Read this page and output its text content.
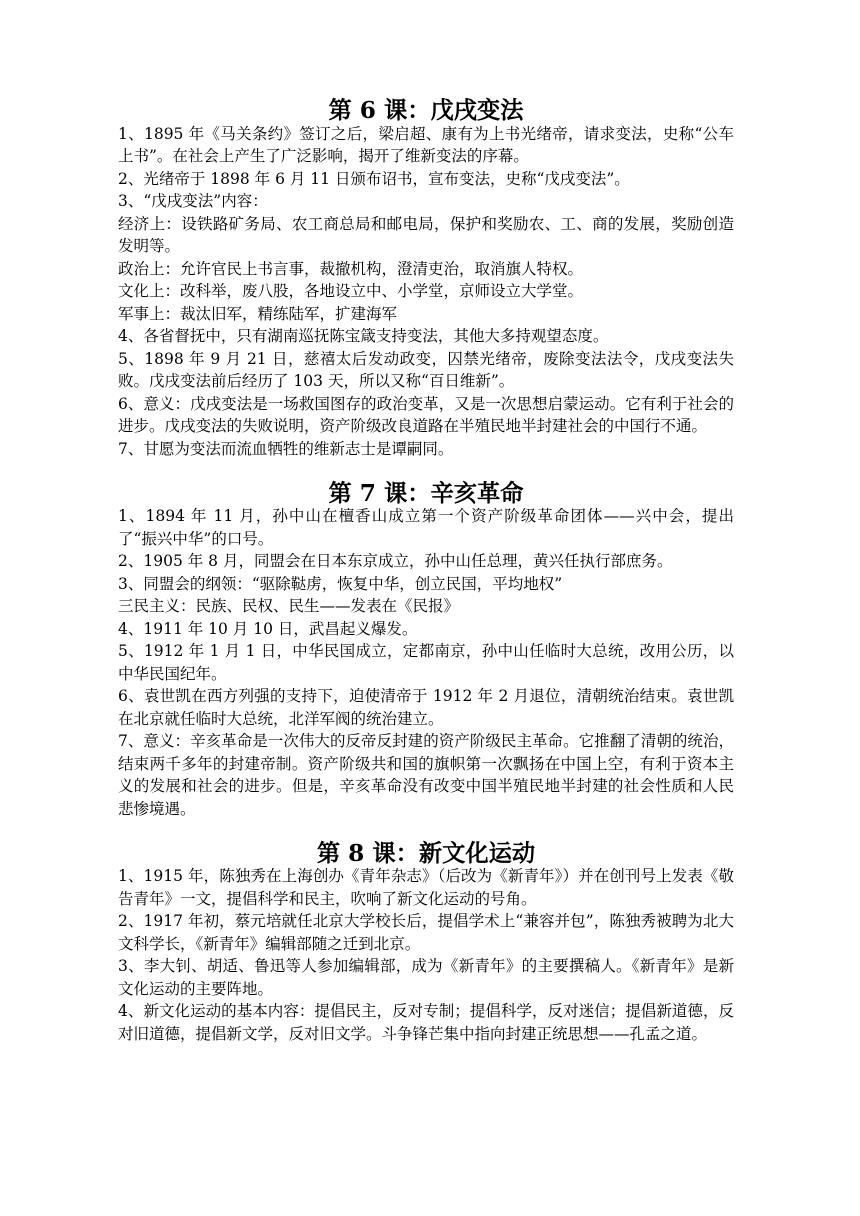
第 6 课：戊戌变法

1、1895 年《马关条约》签订之后，梁启超、康有为上书光绪帝，请求变法，史称“公车上书”。在社会上产生了广泛影响，揭开了维新变法的序幕。

2、光绪帝于 1898 年 6 月 11 日颁布诏书，宣布变法，史称“戊戌变法”。

3、“戊戌变法”内容：

经济上：设铁路矿务局、农工商总局和邮电局，保护和奖励农、工、商的发展，奖励创造发明等。

政治上：允许官民上书言事，裁撤机构，澄清吏治，取消旗人特权。

文化上：改科举，废八股，各地设立中、小学堂，京师设立大学堂。

军事上：裁汰旧军，精练陆军，扩建海军

4、各省督抚中，只有湖南巡抚陈宝箴支持变法，其他大多持观望态度。

5、1898 年 9 月 21 日，慈禧太后发动政变，囚禁光绪帝，废除变法法令，戊戌变法失败。戊戌变法前后经历了 103 天，所以又称“百日维新”。

6、意义：戊戌变法是一场救国图存的政治变革，又是一次思想启蒙运动。它有利于社会的进步。戊戌变法的失败说明，资产阶级改良道路在半殖民地半封建社会的中国行不通。

7、甘愿为变法而流血牺牲的维新志士是谭嗣同。

第 7 课：辛亥革命

1、1894 年 11 月，孙中山在檀香山成立第一个资产阶级革命团体——兴中会，提出了“振兴中华”的口号。

2、1905 年 8 月，同盟会在日本东京成立，孙中山任总理，黄兴任执行部庶务。

3、同盟会的纲领：“驱除鞑虏，恢复中华，创立民国，平均地权”

三民主义：民族、民权、民生——发表在《民报》

4、1911 年 10 月 10 日，武昌起义爆发。

5、1912 年 1 月 1 日，中华民国成立，定都南京，孙中山任临时大总统，改用公历，以中华民国纪年。

6、袁世凯在西方列强的支持下，迫使清帝于 1912 年 2 月退位，清朝统治结束。袁世凯在北京就任临时大总统，北洋军阀的统治建立。

7、意义：辛亥革命是一次伟大的反帝反封建的资产阶级民主革命。它推翻了清朝的统治，结束两千多年的封建帝制。资产阶级共和国的旗帜第一次飘扬在中国上空，有利于资本主义的发展和社会的进步。但是，辛亥革命没有改变中国半殖民地半封建的社会性质和人民悲惨境遇。

第 8 课：新文化运动

1、1915 年，陈独秀在上海创办《青年杂志》（后改为《新青年》）并在创刊号上发表《敬告青年》一文，提倡科学和民主，吹响了新文化运动的号角。

2、1917 年初，蔡元培就任北京大学校长后，提倡学术上“兼容并包”，陈独秀被聘为北大文科学长，《新青年》编辑部随之迁到北京。

3、李大钊、胡适、鲁迅等人参加编辑部，成为《新青年》的主要撰稿人。《新青年》是新文化运动的主要阵地。

4、新文化运动的基本内容：提倡民主，反对专制；提倡科学，反对迷信；提倡新道德，反对旧道德，提倡新文学，反对旧文学。斗争锋芒集中指向封建正统思想——孔孟之道。
